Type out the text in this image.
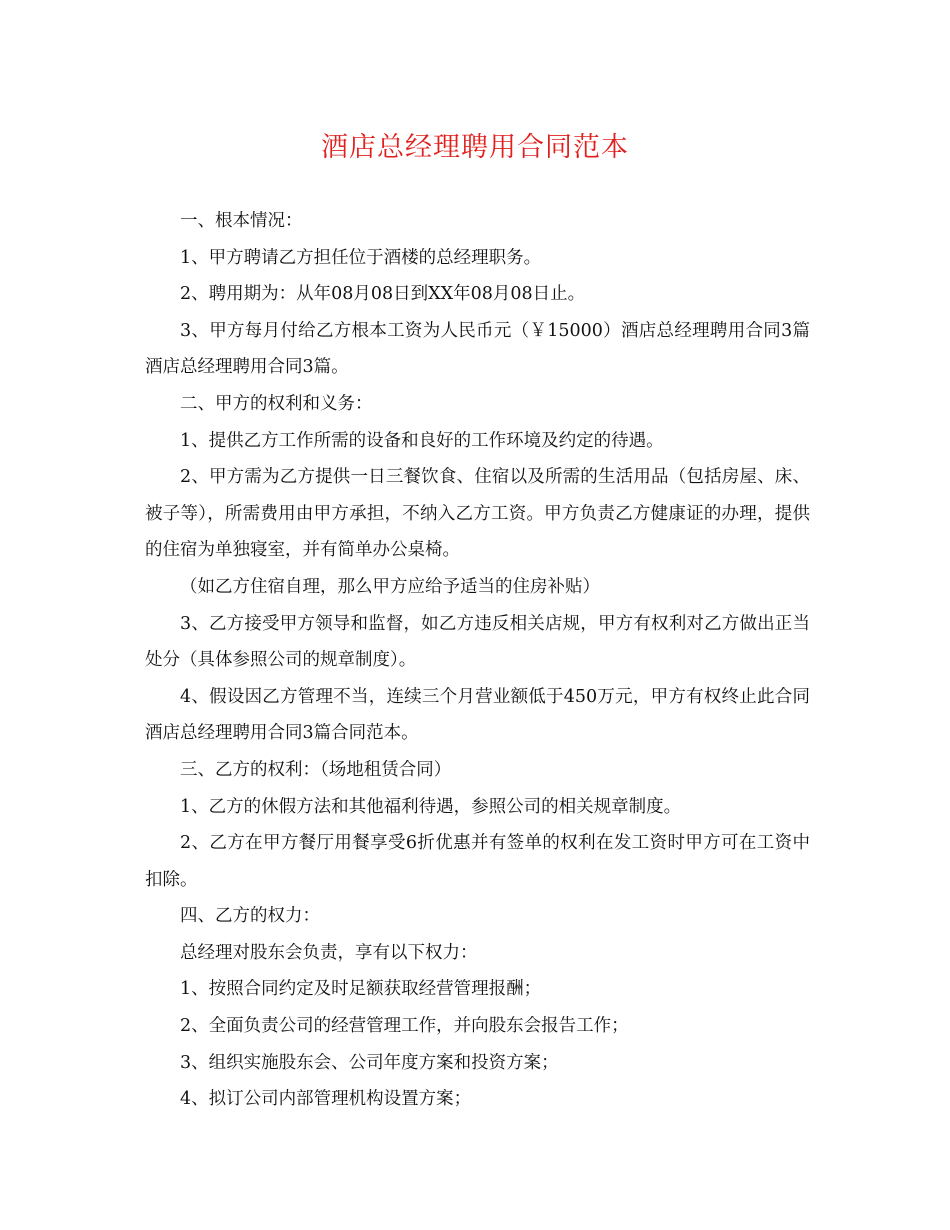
酒店总经理聘用合同范本

一、根本情况：

1、甲方聘请乙方担任位于酒楼的总经理职务。

2、聘用期为：从年08月08日到XX年08月08日止。

3、甲方每月付给乙方根本工资为人民币元（￥15000）酒店总经理聘用合同3篇酒店总经理聘用合同3篇。

二、甲方的权利和义务：

1、提供乙方工作所需的设备和良好的工作环境及约定的待遇。

2、甲方需为乙方提供一日三餐饮食、住宿以及所需的生活用品（包括房屋、床、被子等），所需费用由甲方承担，不纳入乙方工资。甲方负责乙方健康证的办理，提供的住宿为单独寝室，并有简单办公桌椅。

（如乙方住宿自理，那么甲方应给予适当的住房补贴）

3、乙方接受甲方领导和监督，如乙方违反相关店规，甲方有权利对乙方做出正当处分（具体参照公司的规章制度）。

4、假设因乙方管理不当，连续三个月营业额低于450万元，甲方有权终止此合同酒店总经理聘用合同3篇合同范本。

三、乙方的权利：（场地租赁合同）

1、乙方的休假方法和其他福利待遇，参照公司的相关规章制度。

2、乙方在甲方餐厅用餐享受6折优惠并有签单的权利在发工资时甲方可在工资中扣除。

四、乙方的权力：

总经理对股东会负责，享有以下权力：

1、按照合同约定及时足额获取经营管理报酬；

2、全面负责公司的经营管理工作，并向股东会报告工作；

3、组织实施股东会、公司年度方案和投资方案；

4、拟订公司内部管理机构设置方案；
